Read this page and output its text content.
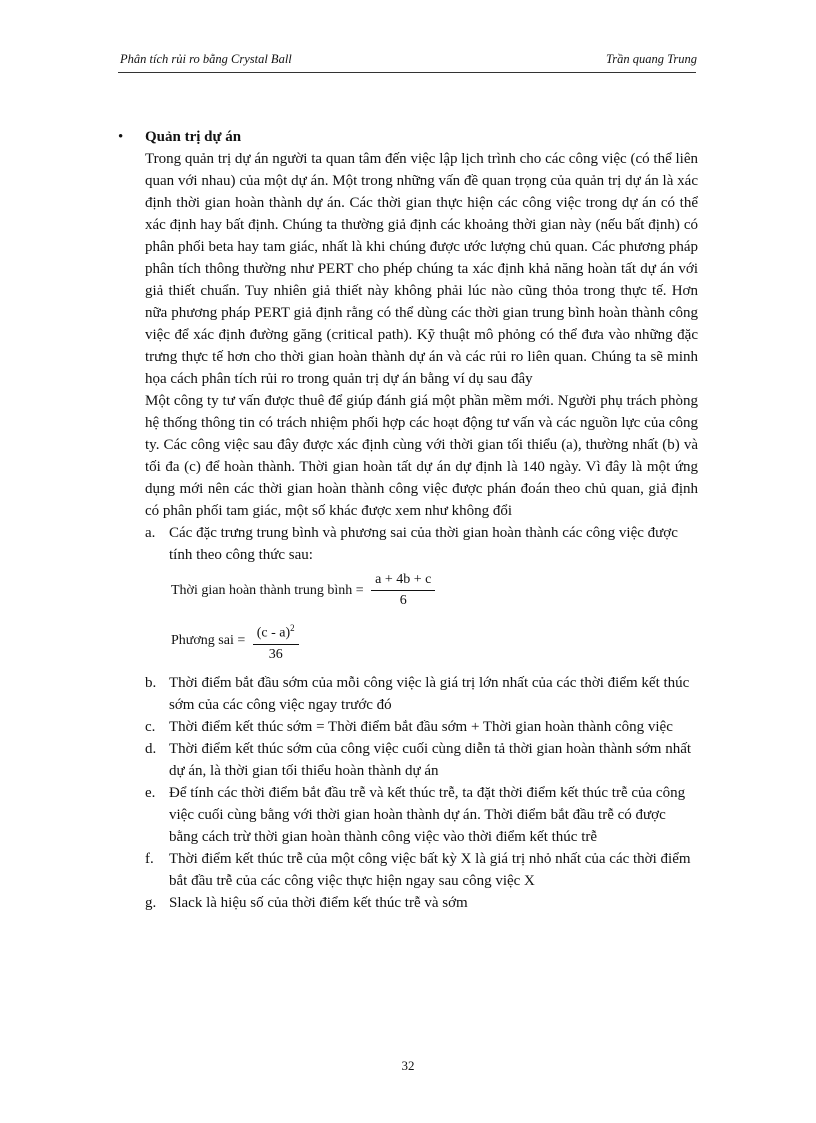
Phân tích rủi ro bằng Crystal Ball	Trần quang Trung
• Quản trị dự án

Trong quản trị dự án người ta quan tâm đến việc lập lịch trình cho các công việc (có thể liên quan với nhau) của một dự án. Một trong những vấn đề quan trọng của quản trị dự án là xác định thời gian hoàn thành dự án. Các thời gian thực hiện các công việc trong dự án có thể xác định hay bất định. Chúng ta thường giả định các khoảng thời gian này (nếu bất định) có phân phối beta hay tam giác, nhất là khi chúng được ước lượng chủ quan. Các phương pháp phân tích thông thường như PERT cho phép chúng ta xác định khả năng hoàn tất dự án với giả thiết chuẩn. Tuy nhiên giả thiết này không phải lúc nào cũng thỏa trong thực tế. Hơn nữa phương pháp PERT giả định rằng có thể dùng các thời gian trung bình hoàn thành công việc để xác định đường găng (critical path). Kỹ thuật mô phỏng có thể đưa vào những đặc trưng thực tế hơn cho thời gian hoàn thành dự án và các rủi ro liên quan. Chúng ta sẽ minh họa cách phân tích rủi ro trong quản trị dự án bằng ví dụ sau đây

Một công ty tư vấn được thuê để giúp đánh giá một phần mềm mới. Người phụ trách phòng hệ thống thông tin có trách nhiệm phối hợp các hoạt động tư vấn và các nguồn lực của công ty. Các công việc sau đây được xác định cùng với thời gian tối thiểu (a), thường nhất (b) và tối đa (c) để hoàn thành. Thời gian hoàn tất dự án dự định là 140 ngày. Vì đây là một ứng dụng mới nên các thời gian hoàn thành công việc được phán đoán theo chủ quan, giả định có phân phối tam giác, một số khác được xem như không đổi

a. Các đặc trưng trung bình và phương sai của thời gian hoàn thành các công việc được tính theo công thức sau:
Thời gian hoàn thành trung bình = $\frac{a + 4b + c}{6}$
Phương sai = $\frac{(c - a)^2}{36}$
b. Thời điểm bắt đầu sớm của mỗi công việc là giá trị lớn nhất của các thời điểm kết thúc sớm của các công việc ngay trước đó
c. Thời điểm kết thúc sớm = Thời điểm bắt đầu sớm + Thời gian hoàn thành công việc
d. Thời điểm kết thúc sớm của công việc cuối cùng diễn tả thời gian hoàn thành sớm nhất dự án, là thời gian tối thiểu hoàn thành dự án
e. Để tính các thời điểm bắt đầu trễ và kết thúc trễ, ta đặt thời điểm kết thúc trễ của công việc cuối cùng bằng với thời gian hoàn thành dự án. Thời điểm bắt đầu trễ có được bằng cách trừ thời gian hoàn thành công việc vào thời điểm kết thúc trễ
f. Thời điểm kết thúc trễ của một công việc bất kỳ X là giá trị nhỏ nhất của các thời điểm bắt đầu trễ của các công việc thực hiện ngay sau công việc X
g. Slack là hiệu số của thời điểm kết thúc trễ và sớm
32
